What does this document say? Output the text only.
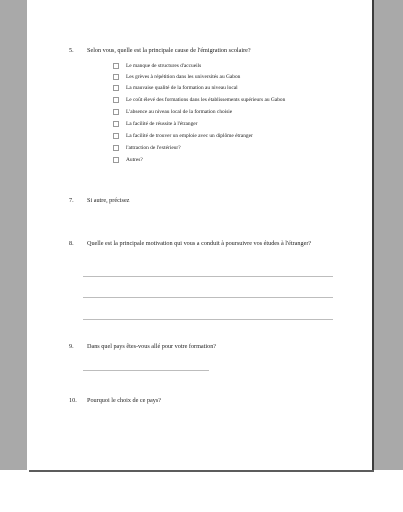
5.	Selon vous, quelle est la principale cause de l'émigration scolaire?
Le manque de structures d'accueils
Les grèves à répétition dans les universités au Gabon
La mauvaise qualité de la formation au niveau local
Le coût élevé des formations dans les établissements supérieurs au Gabon
L'absence au niveau local de la formation choisie
La facilité de réussite à l'étranger
La facilité de trouver un emploie avec un diplôme étranger
l'attraction de l'extérieur?
Autres?
7.	Si autre, précisez
8.	Quelle est la principale motivation qui vous a conduit à poursuivre vos études à l'étranger?
9.	Dans quel pays êtes-vous allé pour votre formation?
10.	Pourquoi le choix de ce pays?
